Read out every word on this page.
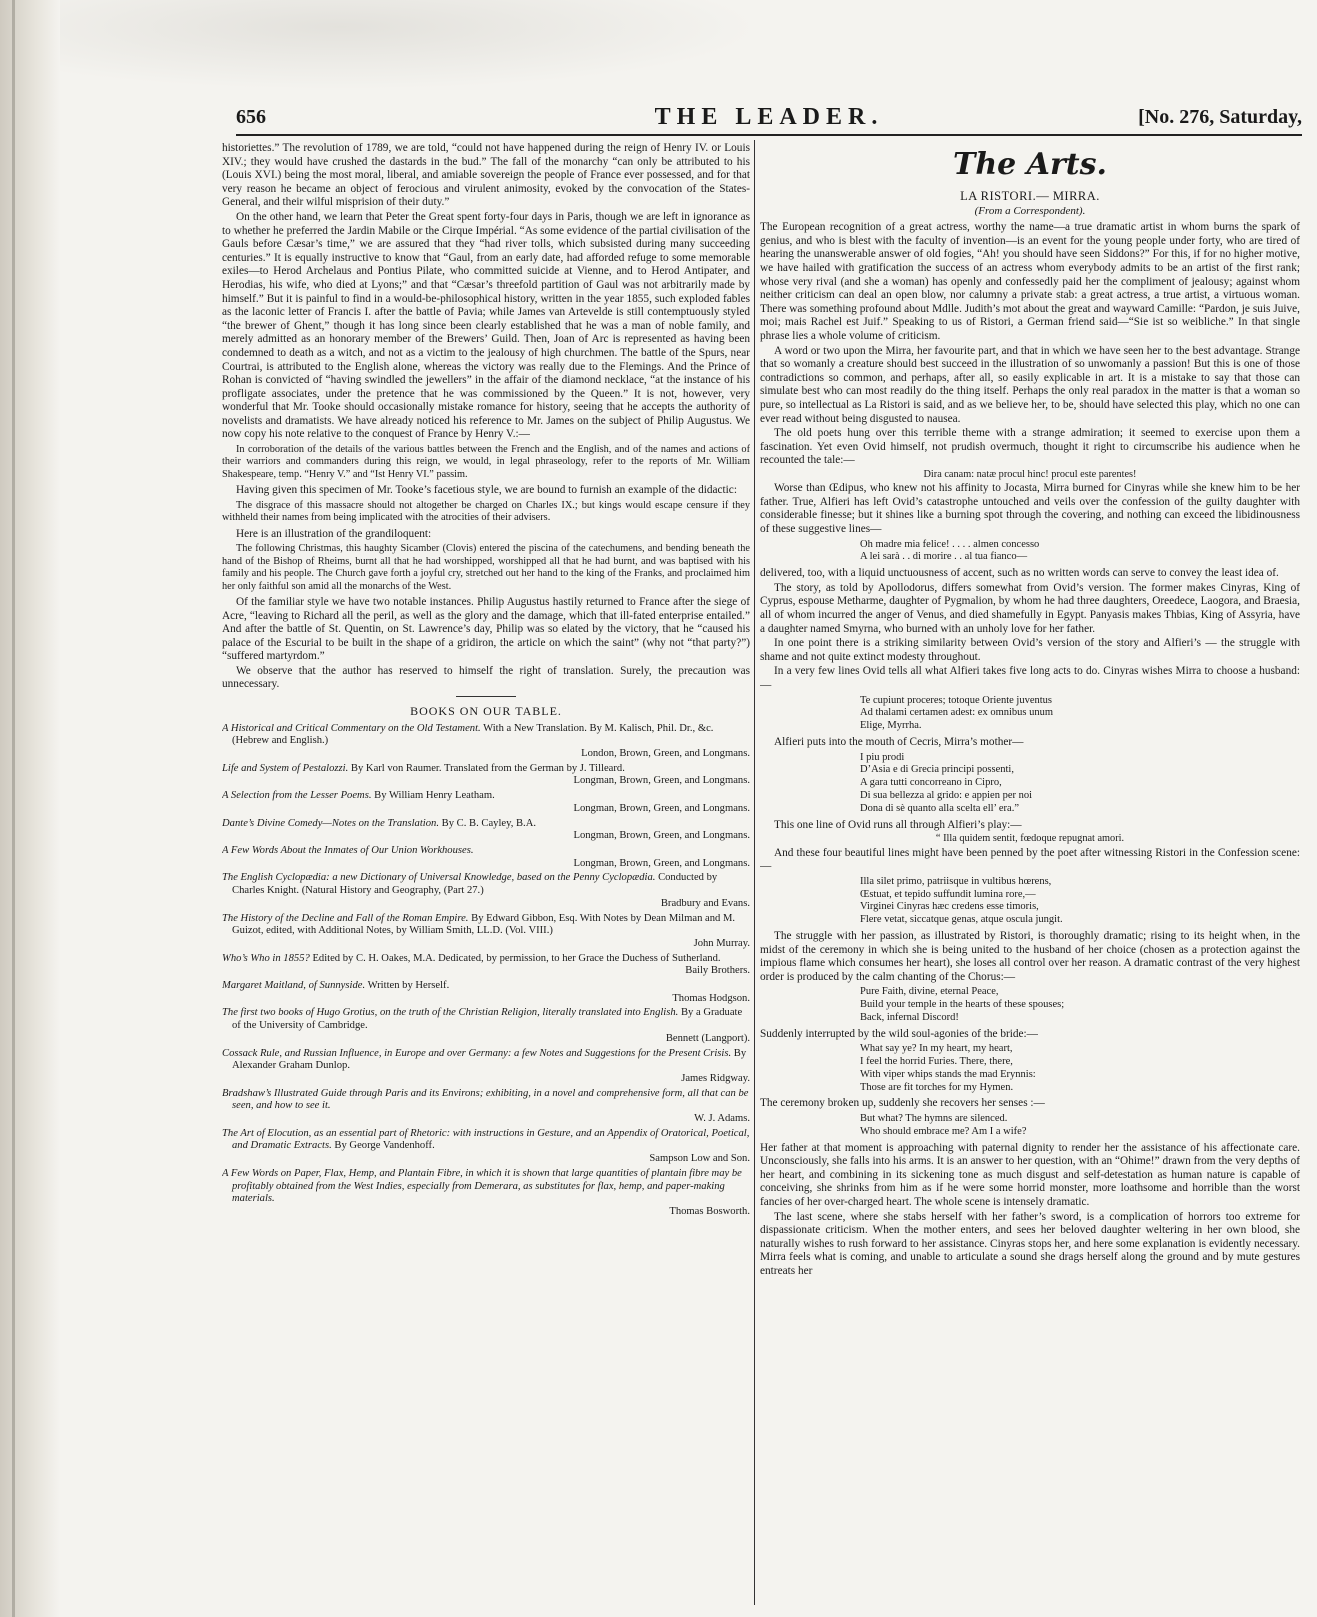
656	THE LEADER.	[No. 276, Saturday,

historiettes.” The revolution of 1789, we are told, “could not have happened during the reign of Henry IV. or Louis XIV.; they would have crushed the dastards in the bud.” The fall of the monarchy “can only be attributed to his (Louis XVI.) being the most moral, liberal, and amiable sovereign the people of France ever possessed, and for that very reason he became an object of ferocious and virulent animosity, evoked by the convocation of the States-General, and their wilful misprision of their duty.”

On the other hand, we learn that Peter the Great spent forty-four days in Paris, though we are left in ignorance as to whether he preferred the Jardin Mabile or the Cirque Impérial. “As some evidence of the partial civilisation of the Gauls before Cæsar’s time,” we are assured that they “had river tolls, which subsisted during many succeeding centuries.” It is equally instructive to know that “Gaul, from an early date, had afforded refuge to some memorable exiles—to Herod Archelaus and Pontius Pilate, who committed suicide at Vienne, and to Herod Antipater, and Herodias, his wife, who died at Lyons;” and that “Cæsar’s threefold partition of Gaul was not arbitrarily made by himself.” But it is painful to find in a would-be-philosophical history, written in the year 1855, such exploded fables as the laconic letter of Francis I. after the battle of Pavia; while James van Artevelde is still contemptuously styled “the brewer of Ghent,” though it has long since been clearly established that he was a man of noble family, and merely admitted as an honorary member of the Brewers’ Guild. Then, Joan of Arc is represented as having been condemned to death as a witch, and not as a victim to the jealousy of high churchmen. The battle of the Spurs, near Courtrai, is attributed to the English alone, whereas the victory was really due to the Flemings. And the Prince of Rohan is convicted of “having swindled the jewellers” in the affair of the diamond necklace, “at the instance of his profligate associates, under the pretence that he was commissioned by the Queen.” It is not, however, very wonderful that Mr. Tooke should occasionally mistake romance for history, seeing that he accepts the authority of novelists and dramatists. We have already noticed his reference to Mr. James on the subject of Philip Augustus. We now copy his note relative to the conquest of France by Henry V.:—

In corroboration of the details of the various battles between the French and the English, and of the names and actions of their warriors and commanders during this reign, we would, in legal phraseology, refer to the reports of Mr. William Shakespeare, temp. “Henry V.” and “Ist Henry VI.” passim.

Having given this specimen of Mr. Tooke’s facetious style, we are bound to furnish an example of the didactic:

The disgrace of this massacre should not altogether be charged on Charles IX.; but kings would escape censure if they withheld their names from being implicated with the atrocities of their advisers.

Here is an illustration of the grandiloquent:

The following Christmas, this haughty Sicamber (Clovis) entered the piscina of the catechumens, and bending beneath the hand of the Bishop of Rheims, burnt all that he had worshipped, worshipped all that he had burnt, and was baptised with his family and his people. The Church gave forth a joyful cry, stretched out her hand to the king of the Franks, and proclaimed him her only faithful son amid all the monarchs of the West.

Of the familiar style we have two notable instances. Philip Augustus hastily returned to France after the siege of Acre, “leaving to Richard all the peril, as well as the glory and the damage, which that ill-fated enterprise entailed.” And after the battle of St. Quentin, on St. Lawrence’s day, Philip was so elated by the victory, that he “caused his palace of the Escurial to be built in the shape of a gridiron, the article on which the saint” (why not “that party?”) “suffered martyrdom.”

We observe that the author has reserved to himself the right of translation. Surely, the precaution was unnecessary.

BOOKS ON OUR TABLE.
A Historical and Critical Commentary on the Old Testament. With a New Translation. By M. Kalisch, Phil. Dr., &c. (Hebrew and English.)
London, Brown, Green, and Longmans.
Life and System of Pestalozzi. By Karl von Raumer. Translated from the German by J. Tilleard.
Longman, Brown, Green, and Longmans.
A Selection from the Lesser Poems. By William Henry Leatham.
Longman, Brown, Green, and Longmans.
Dante’s Divine Comedy—Notes on the Translation. By C. B. Cayley, B.A.
Longman, Brown, Green, and Longmans.
A Few Words About the Inmates of Our Union Workhouses.
Longman, Brown, Green, and Longmans.
The English Cyclopædia: a new Dictionary of Universal Knowledge, based on the Penny Cyclopædia. Conducted by Charles Knight. (Natural History and Geography, (Part 27.)
Bradbury and Evans.
The History of the Decline and Fall of the Roman Empire. By Edward Gibbon, Esq. With Notes by Dean Milman and M. Guizot, edited, with Additional Notes, by William Smith, LL.D. (Vol. VIII.)
John Murray.
Who’s Who in 1855? Edited by C. H. Oakes, M.A. Dedicated, by permission, to her Grace the Duchess of Sutherland.
Baily Brothers.
Margaret Maitland, of Sunnyside. Written by Herself.
Thomas Hodgson.
The first two books of Hugo Grotius, on the truth of the Christian Religion, literally translated into English. By a Graduate of the University of Cambridge.
Bennett (Langport).
Cossack Rule, and Russian Influence, in Europe and over Germany: a few Notes and Suggestions for the Present Crisis. By Alexander Graham Dunlop.
James Ridgway.
Bradshaw’s Illustrated Guide through Paris and its Environs; exhibiting, in a novel and comprehensive form, all that can be seen, and how to see it.
W. J. Adams.
The Art of Elocution, as an essential part of Rhetoric: with instructions in Gesture, and an Appendix of Oratorical, Poetical, and Dramatic Extracts. By George Vandenhoff.
Sampson Low and Son.
A Few Words on Paper, Flax, Hemp, and Plantain Fibre, in which it is shown that large quantities of plantain fibre may be profitably obtained from the West Indies, especially from Demerara, as substitutes for flax, hemp, and paper-making materials.
Thomas Bosworth.
The Arts.
LA RISTORI.— MIRRA.
(From a Correspondent).

The European recognition of a great actress, worthy the name—a true dramatic artist in whom burns the spark of genius, and who is blest with the faculty of invention—is an event for the young people under forty, who are tired of hearing the unanswerable answer of old fogies, “Ah! you should have seen Siddons?” For this, if for no higher motive, we have hailed with gratification the success of an actress whom everybody admits to be an artist of the first rank; whose very rival (and she a woman) has openly and confessedly paid her the compliment of jealousy; against whom neither criticism can deal an open blow, nor calumny a private stab: a great actress, a true artist, a virtuous woman. There was something profound about Mdlle. Judith’s mot about the great and wayward Camille: “Pardon, je suis Juive, moi; mais Rachel est Juif.” Speaking to us of Ristori, a German friend said—“Sie ist so weibliche.” In that single phrase lies a whole volume of criticism.

A word or two upon the Mirra, her favourite part, and that in which we have seen her to the best advantage. Strange that so womanly a creature should best succeed in the illustration of so unwomanly a passion! But this is one of those contradictions so common, and perhaps, after all, so easily explicable in art. It is a mistake to say that those can simulate best who can most readily do the thing itself. Perhaps the only real paradox in the matter is that a woman so pure, so intellectual as La Ristori is said, and as we believe her, to be, should have selected this play, which no one can ever read without being disgusted to nausea.

The old poets hung over this terrible theme with a strange admiration; it seemed to exercise upon them a fascination. Yet even Ovid himself, not prudish overmuch, thought it right to circumscribe his audience when he recounted the tale:—

Dira canam: natæ procul hinc! procul este parentes!

Worse than Œdipus, who knew not his affinity to Jocasta, Mirra burned for Cinyras while she knew him to be her father. True, Alfieri has left Ovid’s catastrophe untouched and veils over the confession of the guilty daughter with considerable finesse; but it shines like a burning spot through the covering, and nothing can exceed the libidinousness of these suggestive lines—

Oh madre mia felice! . . . . almen concesso
A lei sarà . . di morire . . al tua fianco—

delivered, too, with a liquid unctuousness of accent, such as no written words can serve to convey the least idea of.

The story, as told by Apollodorus, differs somewhat from Ovid’s version. The former makes Cinyras, King of Cyprus, espouse Metharme, daughter of Pygmalion, by whom he had three daughters, Oreedece, Laogora, and Braesia, all of whom incurred the anger of Venus, and died shamefully in Egypt. Panyasis makes Thbias, King of Assyria, have a daughter named Smyrna, who burned with an unholy love for her father.

In one point there is a striking similarity between Ovid’s version of the story and Alfieri’s — the struggle with shame and not quite extinct modesty throughout.

In a very few lines Ovid tells all what Alfieri takes five long acts to do. Cinyras wishes Mirra to choose a husband:—

Te cupiunt proceres; totoque Oriente juventus
Ad thalami certamen adest: ex omnibus unum
Elige, Myrrha.

Alfieri puts into the mouth of Cecris, Mirra’s mother—

I piu prodi
D’Asia e di Grecia principi possenti,
A gara tutti concorreano in Cipro,
Di sua bellezza al grido: e appien per noi
Dona di sè quanto alla scelta ell’ era.”

This one line of Ovid runs all through Alfieri’s play:—

“ Illa quidem sentit, fœdoque repugnat amori.

And these four beautiful lines might have been penned by the poet after witnessing Ristori in the Confession scene:—

Illa silet primo, patriisque in vultibus hœrens,
Œstuat, et tepido suffundit lumina rore,—
Virginei Cinyras hæc credens esse timoris,
Flere vetat, siccatque genas, atque oscula jungit.

The struggle with her passion, as illustrated by Ristori, is thoroughly dramatic; rising to its height when, in the midst of the ceremony in which she is being united to the husband of her choice (chosen as a protection against the impious flame which consumes her heart), she loses all control over her reason. A dramatic contrast of the very highest order is produced by the calm chanting of the Chorus:—

Pure Faith, divine, eternal Peace,
Build your temple in the hearts of these spouses;
Back, infernal Discord!

Suddenly interrupted by the wild soul-agonies of the bride:—

What say ye? In my heart, my heart,
I feel the horrid Furies. There, there,
With viper whips stands the mad Erynnis:
Those are fit torches for my Hymen.

The ceremony broken up, suddenly she recovers her senses :—

But what? The hymns are silenced.
Who should embrace me? Am I a wife?

Her father at that moment is approaching with paternal dignity to render her the assistance of his affectionate care. Unconsciously, she falls into his arms. It is an answer to her question, with an “Ohime!” drawn from the very depths of her heart, and combining in its sickening tone as much disgust and self-detestation as human nature is capable of conceiving, she shrinks from him as if he were some horrid monster, more loathsome and horrible than the worst fancies of her over-charged heart. The whole scene is intensely dramatic.

The last scene, where she stabs herself with her father’s sword, is a complication of horrors too extreme for dispassionate criticism. When the mother enters, and sees her beloved daughter weltering in her own blood, she naturally wishes to rush forward to her assistance. Cinyras stops her, and here some explanation is evidently necessary. Mirra feels what is coming, and unable to articulate a sound she drags herself along the ground and by mute gestures entreats her
